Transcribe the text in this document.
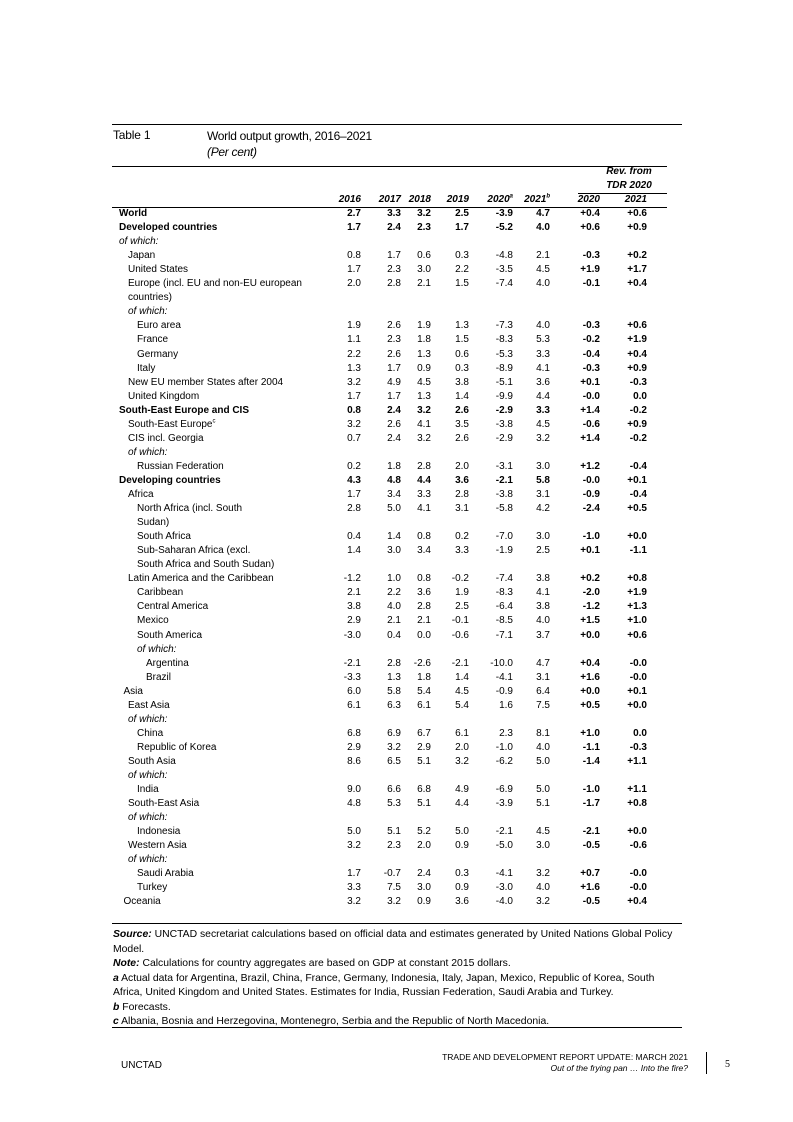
Table 1	World output growth, 2016–2021
(Per cent)
Rev. from
TDR 2020
2016	2017 2018	2019	2020$^a$	2021$^b$	2020	2021
World	2.7	3.3	3.2	2.5	-3.9	4.7	+0.4	+0.6
Developed countries	1.7	2.4	2.3	1.7	-5.2	4.0	+0.6	+0.9
of which:
Japan	0.8	1.7	0.6	0.3	-4.8	2.1	-0.3	+0.2
United States	1.7	2.3	3.0	2.2	-3.5	4.5	+1.9	+1.7
Europe (incl. EU and non-EU european	2.0	2.8	2.1	1.5	-7.4	4.0	-0.1	+0.4
countries)
of which:
Euro area	1.9	2.6	1.9	1.3	-7.3	4.0	-0.3	+0.6
France	1.1	2.3	1.8	1.5	-8.3	5.3	-0.2	+1.9
Germany	2.2	2.6	1.3	0.6	-5.3	3.3	-0.4	+0.4
Italy	1.3	1.7	0.9	0.3	-8.9	4.1	-0.3	+0.9
New EU member States after 2004	3.2	4.9	4.5	3.8	-5.1	3.6	+0.1	-0.3
United Kingdom	1.7	1.7	1.3	1.4	-9.9	4.4	-0.0	0.0
South-East Europe and CIS	0.8	2.4	3.2	2.6	-2.9	3.3	+1.4	-0.2
South-East Europe$^c$	3.2	2.6	4.1	3.5	-3.8	4.5	-0.6	+0.9
CIS incl. Georgia	0.7	2.4	3.2	2.6	-2.9	3.2	+1.4	-0.2
of which:
Russian Federation	0.2	1.8	2.8	2.0	-3.1	3.0	+1.2	-0.4
Developing countries	4.3	4.8	4.4	3.6	-2.1	5.8	-0.0	+0.1
Africa	1.7	3.4	3.3	2.8	-3.8	3.1	-0.9	-0.4
North Africa (incl. South	2.8	5.0	4.1	3.1	-5.8	4.2	-2.4	+0.5
Sudan)
South Africa	0.4	1.4	0.8	0.2	-7.0	3.0	-1.0	+0.0
Sub-Saharan Africa (excl.	1.4	3.0	3.4	3.3	-1.9	2.5	+0.1	-1.1
South Africa and South Sudan)
Latin America and the Caribbean	-1.2	1.0	0.8	-0.2	-7.4	3.8	+0.2	+0.8
Caribbean	2.1	2.2	3.6	1.9	-8.3	4.1	-2.0	+1.9
Central America	3.8	4.0	2.8	2.5	-6.4	3.8	-1.2	+1.3
Mexico	2.9	2.1	2.1	-0.1	-8.5	4.0	+1.5	+1.0
South America	-3.0	0.4	0.0	-0.6	-7.1	3.7	+0.0	+0.6
of which:
Argentina	-2.1	2.8	-2.6	-2.1	-10.0	4.7	+0.4	-0.0
Brazil	-3.3	1.3	1.8	1.4	-4.1	3.1	+1.6	-0.0
Asia	6.0	5.8	5.4	4.5	-0.9	6.4	+0.0	+0.1
East Asia	6.1	6.3	6.1	5.4	1.6	7.5	+0.5	+0.0
of which:
China	6.8	6.9	6.7	6.1	2.3	8.1	+1.0	0.0
Republic of Korea	2.9	3.2	2.9	2.0	-1.0	4.0	-1.1	-0.3
South Asia	8.6	6.5	5.1	3.2	-6.2	5.0	-1.4	+1.1
of which:
India	9.0	6.6	6.8	4.9	-6.9	5.0	-1.0	+1.1
South-East Asia	4.8	5.3	5.1	4.4	-3.9	5.1	-1.7	+0.8
of which:
Indonesia	5.0	5.1	5.2	5.0	-2.1	4.5	-2.1	+0.0
Western Asia	3.2	2.3	2.0	0.9	-5.0	3.0	-0.5	-0.6
of which:
Saudi Arabia	1.7	-0.7	2.4	0.3	-4.1	3.2	+0.7	-0.0
Turkey	3.3	7.5	3.0	0.9	-3.0	4.0	+1.6	-0.0
Oceania	3.2	3.2	0.9	3.6	-4.0	3.2	-0.5	+0.4

Source: UNCTAD secretariat calculations based on official data and estimates generated by United Nations Global Policy Model.

Note: Calculations for country aggregates are based on GDP at constant 2015 dollars.

a Actual data for Argentina, Brazil, China, France, Germany, Indonesia, Italy, Japan, Mexico, Republic of Korea, South Africa, United Kingdom and United States. Estimates for India, Russian Federation, Saudi Arabia and Turkey.

b Forecasts.

c Albania, Bosnia and Herzegovina, Montenegro, Serbia and the Republic of North Macedonia.

UNCTAD
TRADE AND DEVELOPMENT REPORT UPDATE: MARCH 2021
Out of the frying pan … Into the fire?	5
